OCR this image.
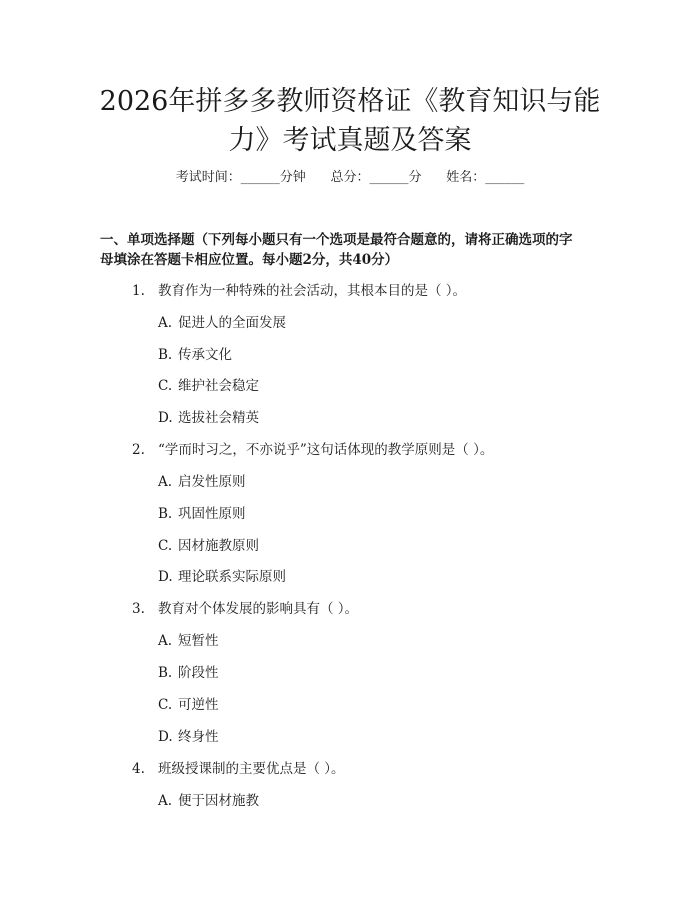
2026年拼多多教师资格证《教育知识与能
力》考试真题及答案
考试时间：______分钟      总分：______分      姓名：______
一、单项选择题（下列每小题只有一个选项是最符合题意的，请将正确选项的字
母填涂在答题卡相应位置。每小题2分，共40分）
1. 教育作为一种特殊的社会活动，其根本目的是（ ）。
A. 促进人的全面发展
B. 传承文化
C. 维护社会稳定
D. 选拔社会精英
2. “学而时习之，不亦说乎”这句话体现的教学原则是（ ）。
A. 启发性原则
B. 巩固性原则
C. 因材施教原则
D. 理论联系实际原则
3. 教育对个体发展的影响具有（ ）。
A. 短暂性
B. 阶段性
C. 可逆性
D. 终身性
4. 班级授课制的主要优点是（ ）。
A. 便于因材施教
